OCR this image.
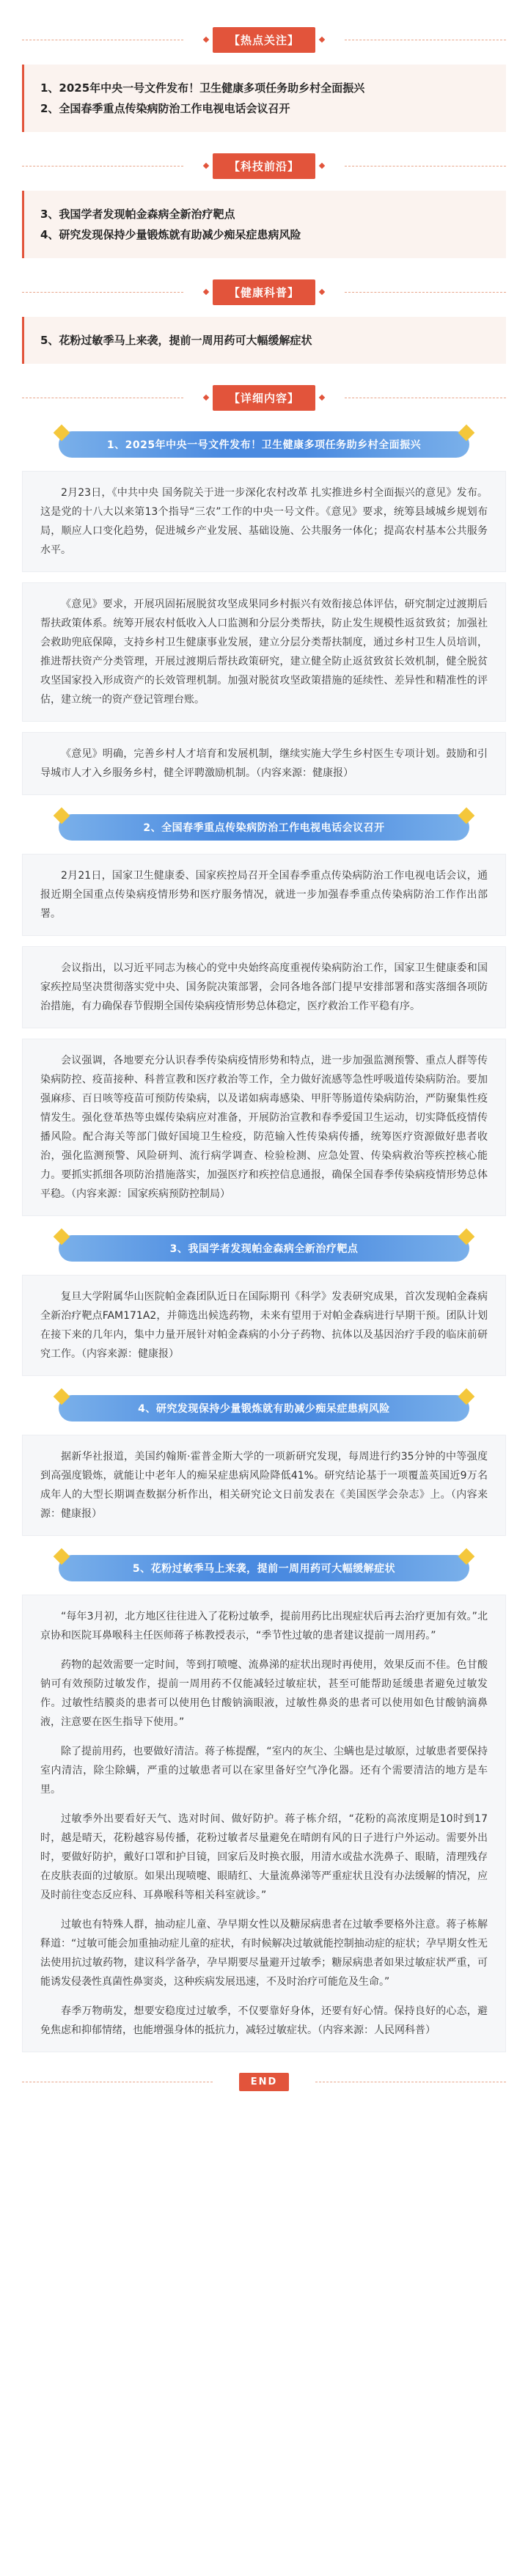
【热点关注】
1、2025年中央一号文件发布！卫生健康多项任务助乡村全面振兴
2、全国春季重点传染病防治工作电视电话会议召开
【科技前沿】
3、我国学者发现帕金森病全新治疗靶点
4、研究发现保持少量锻炼就有助减少痴呆症患病风险
【健康科普】
5、花粉过敏季马上来袭，提前一周用药可大幅缓解症状
【详细内容】
1、2025年中央一号文件发布！卫生健康多项任务助乡村全面振兴

2月23日，《中共中央 国务院关于进一步深化农村改革 扎实推进乡村全面振兴的意见》发布。这是党的十八大以来第13个指导“三农”工作的中央一号文件。《意见》要求，统筹县域城乡规划布局，顺应人口变化趋势，促进城乡产业发展、基础设施、公共服务一体化；提高农村基本公共服务水平。

《意见》要求，开展巩固拓展脱贫攻坚成果同乡村振兴有效衔接总体评估，研究制定过渡期后帮扶政策体系。统筹开展农村低收入人口监测和分层分类帮扶，防止发生规模性返贫致贫；加强社会救助兜底保障，支持乡村卫生健康事业发展，建立分层分类帮扶制度，通过乡村卫生人员培训，推进帮扶资产分类管理，开展过渡期后帮扶政策研究，建立健全防止返贫致贫长效机制，健全脱贫攻坚国家投入形成资产的长效管理机制。加强对脱贫攻坚政策措施的延续性、差异性和精准性的评估，建立统一的资产登记管理台账。

《意见》明确，完善乡村人才培育和发展机制，继续实施大学生乡村医生专项计划。鼓励和引导城市人才入乡服务乡村，健全评聘激励机制。（内容来源：健康报）

2、全国春季重点传染病防治工作电视电话会议召开

2月21日，国家卫生健康委、国家疾控局召开全国春季重点传染病防治工作电视电话会议，通报近期全国重点传染病疫情形势和医疗服务情况，就进一步加强春季重点传染病防治工作作出部署。

会议指出，以习近平同志为核心的党中央始终高度重视传染病防治工作，国家卫生健康委和国家疾控局坚决贯彻落实党中央、国务院决策部署，会同各地各部门提早安排部署和落实落细各项防治措施，有力确保春节假期全国传染病疫情形势总体稳定，医疗救治工作平稳有序。

会议强调，各地要充分认识春季传染病疫情形势和特点，进一步加强监测预警、重点人群等传染病防控、疫苗接种、科普宣教和医疗救治等工作，全力做好流感等急性呼吸道传染病防治。要加强麻疹、百日咳等疫苗可预防传染病，以及诺如病毒感染、甲肝等肠道传染病防治，严防聚集性疫情发生。强化登革热等虫媒传染病应对准备，开展防治宣教和春季爱国卫生运动，切实降低疫情传播风险。配合海关等部门做好国境卫生检疫，防范输入性传染病传播，统筹医疗资源做好患者收治，强化监测预警、风险研判、流行病学调查、检验检测、应急处置、传染病救治等疾控核心能力。要抓实抓细各项防治措施落实，加强医疗和疾控信息通报，确保全国春季传染病疫情形势总体平稳。（内容来源：国家疾病预防控制局）

3、我国学者发现帕金森病全新治疗靶点

复旦大学附属华山医院帕金森团队近日在国际期刊《科学》发表研究成果，首次发现帕金森病全新治疗靶点FAM171A2，并筛选出候选药物，未来有望用于对帕金森病进行早期干预。团队计划在接下来的几年内，集中力量开展针对帕金森病的小分子药物、抗体以及基因治疗手段的临床前研究工作。（内容来源：健康报）

4、研究发现保持少量锻炼就有助减少痴呆症患病风险

据新华社报道，美国约翰斯·霍普金斯大学的一项新研究发现，每周进行约35分钟的中等强度到高强度锻炼，就能让中老年人的痴呆症患病风险降低41%。研究结论基于一项覆盖英国近9万名成年人的大型长期调查数据分析作出，相关研究论文日前发表在《美国医学会杂志》上。（内容来源：健康报）

5、花粉过敏季马上来袭，提前一周用药可大幅缓解症状

“每年3月初，北方地区往往进入了花粉过敏季，提前用药比出现症状后再去治疗更加有效。”北京协和医院耳鼻喉科主任医师蒋子栋教授表示，“季节性过敏的患者建议提前一周用药。”

药物的起效需要一定时间，等到打喷嚏、流鼻涕的症状出现时再使用，效果反而不佳。色甘酸钠可有效预防过敏发作，提前一周用药不仅能减轻过敏症状，甚至可能帮助延缓患者避免过敏发作。过敏性结膜炎的患者可以使用色甘酸钠滴眼液，过敏性鼻炎的患者可以使用如色甘酸钠滴鼻液，注意要在医生指导下使用。”

除了提前用药，也要做好清洁。蒋子栋提醒，“室内的灰尘、尘螨也是过敏原，过敏患者要保持室内清洁，除尘除螨，严重的过敏患者可以在家里备好空气净化器。还有个需要清洁的地方是车里。

过敏季外出要看好天气、选对时间、做好防护。蒋子栋介绍，“花粉的高浓度期是10时到17时，越是晴天，花粉越容易传播，花粉过敏者尽量避免在晴朗有风的日子进行户外运动。需要外出时，要做好防护，戴好口罩和护目镜，回家后及时换衣服，用清水或盐水洗鼻子、眼睛，清理残存在皮肤表面的过敏原。如果出现喷嚏、眼睛红、大量流鼻涕等严重症状且没有办法缓解的情况，应及时前往变态反应科、耳鼻喉科等相关科室就诊。”

过敏也有特殊人群，抽动症儿童、孕早期女性以及糖尿病患者在过敏季要格外注意。蒋子栋解释道：“过敏可能会加重抽动症儿童的症状，有时候解决过敏就能控制抽动症的症状；孕早期女性无法使用抗过敏药物，建议科学备孕，孕早期要尽量避开过敏季；糖尿病患者如果过敏症状严重，可能诱发侵袭性真菌性鼻窦炎，这种疾病发展迅速，不及时治疗可能危及生命。”

春季万物萌发，想要安稳度过过敏季，不仅要靠好身体，还要有好心情。保持良好的心态，避免焦虑和抑郁情绪，也能增强身体的抵抗力，减轻过敏症状。（内容来源：人民网科普）

END
